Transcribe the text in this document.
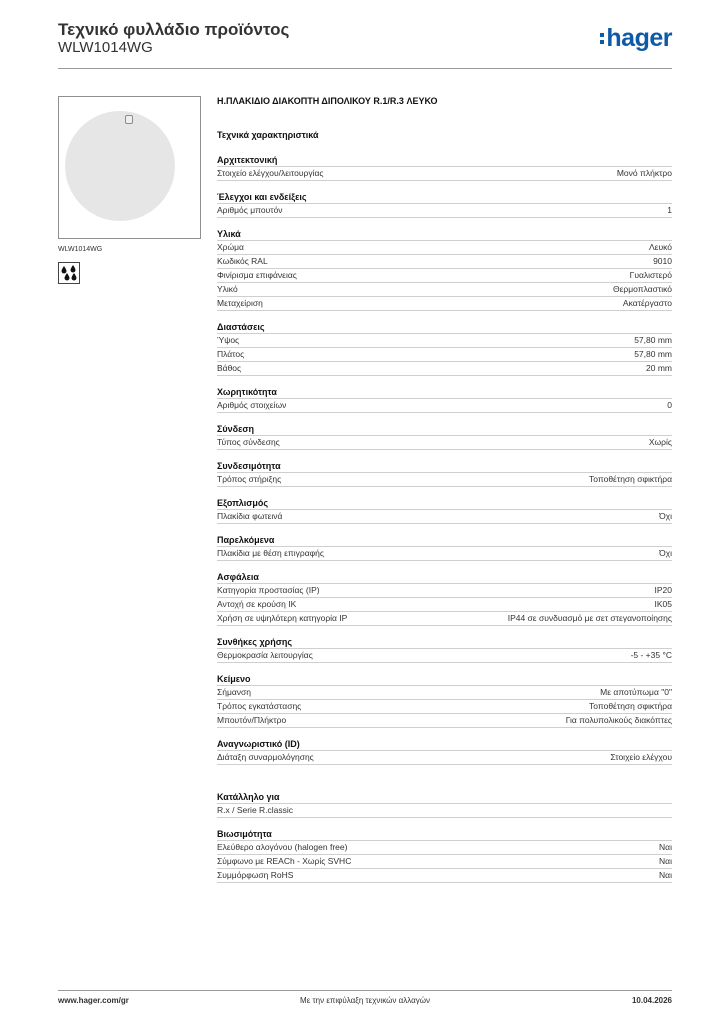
Τεχνικό φυλλάδιο προϊόντος
WLW1014WG	hager
WLW1014WG
Η.ΠΛΑΚΙΔΙΟ ΔΙΑΚΟΠΤΗ ΔΙΠΟΛΙΚΟΥ R.1/R.3 ΛΕΥΚΟ
Τεχνικά χαρακτηριστικά
Αρχιτεκτονική
Στοιχείο ελέγχου/λειτουργίας	Μονό πλήκτρο
Έλεγχοι και ενδείξεις
Αριθμός μπουτόν	1
Υλικά
Χρώμα	Λευκό
Κωδικός RAL	9010
Φινίρισμα επιφάνειας	Γυαλιστερό
Υλικό	Θερμοπλαστικό
Μεταχείριση	Ακατέργαστο
Διαστάσεις
Ύψος	57,80 mm
Πλάτος	57,80 mm
Βάθος	20 mm
Χωρητικότητα
Αριθμός στοιχείων	0
Σύνδεση
Τύπος σύνδεσης	Χωρίς
Συνδεσιμότητα
Τρόπος στήριξης	Τοποθέτηση σφικτήρα
Εξοπλισμός
Πλακίδια φωτεινά	Όχι
Παρελκόμενα
Πλακίδια με θέση επιγραφής	Όχι
Ασφάλεια
Κατηγορία προστασίας (IP)	IP20
Αντοχή σε κρούση IK	IK05
Χρήση σε υψηλότερη κατηγορία IP	IP44 σε συνδυασμό με σετ στεγανοποίησης
Συνθήκες χρήσης
Θερμοκρασία λειτουργίας	-5 - +35 °C
Κείμενο
Σήμανση	Με αποτύπωμα "0"
Τρόπος εγκατάστασης	Τοποθέτηση σφικτήρα
Μπουτόν/Πλήκτρο	Για πολυπολικούς διακόπτες
Αναγνωριστικό (ID)
Διάταξη συναρμολόγησης	Στοιχείο ελέγχου
Κατάλληλο για
R.x / Serie R.classic
Βιωσιμότητα
Ελεύθερο αλογόνου (halogen free)	Ναι
Σύμφωνο με REACh - Χωρίς SVHC	Ναι
Συμμόρφωση RoHS	Ναι
www.hager.com/gr	Με την επιφύλαξη τεχνικών αλλαγών	10.04.2026
